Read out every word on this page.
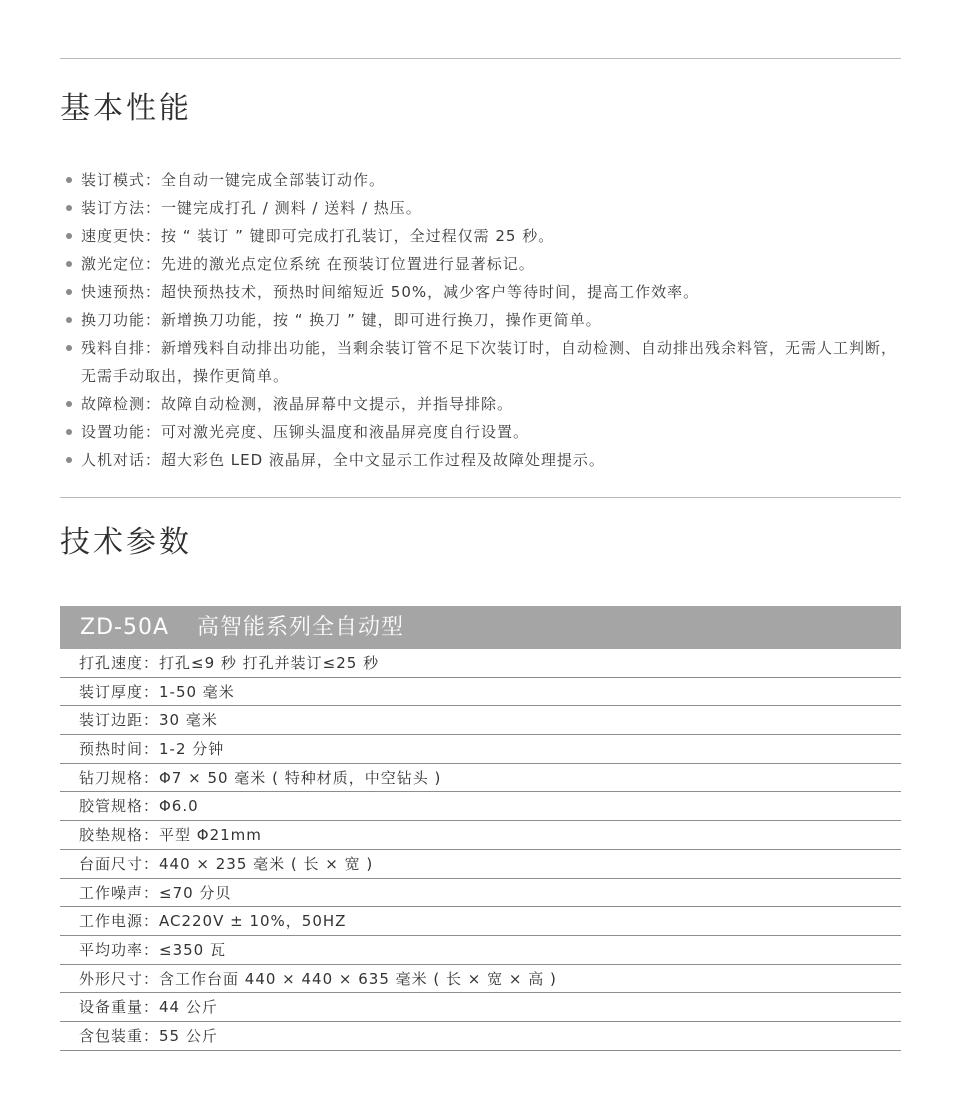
基本性能
装订模式：全自动一键完成全部装订动作。
装订方法：一键完成打孔 / 测料 / 送料 / 热压。
速度更快：按 “ 装订 ” 键即可完成打孔装订，全过程仅需 25 秒。
激光定位：先进的激光点定位系统 在预装订位置进行显著标记。
快速预热：超快预热技术，预热时间缩短近 50%，减少客户等待时间，提高工作效率。
换刀功能：新增换刀功能，按 “ 换刀 ” 键，即可进行换刀，操作更简单。
残料自排：新增残料自动排出功能，当剩余装订管不足下次装订时，自动检测、自动排出残余料管，无需人工判断，无需手动取出，操作更简单。
故障检测：故障自动检测，液晶屏幕中文提示，并指导排除。
设置功能：可对激光亮度、压铆头温度和液晶屏亮度自行设置。
人机对话：超大彩色 LED 液晶屏，全中文显示工作过程及故障处理提示。
技术参数
ZD-50A 高智能系列全自动型
打孔速度：打孔≤9 秒 打孔并装订≤25 秒
装订厚度：1-50 毫米
装订边距：30 毫米
预热时间：1-2 分钟
钻刀规格：Φ7 × 50 毫米 ( 特种材质，中空钻头 )
胶管规格：Φ6.0
胶垫规格：平型 Φ21mm
台面尺寸：440 × 235 毫米 ( 长 × 宽 )
工作噪声：≤70 分贝
工作电源：AC220V ± 10%，50HZ
平均功率：≤350 瓦
外形尺寸：含工作台面 440 × 440 × 635 毫米 ( 长 × 宽 × 高 )
设备重量：44 公斤
含包装重：55 公斤
